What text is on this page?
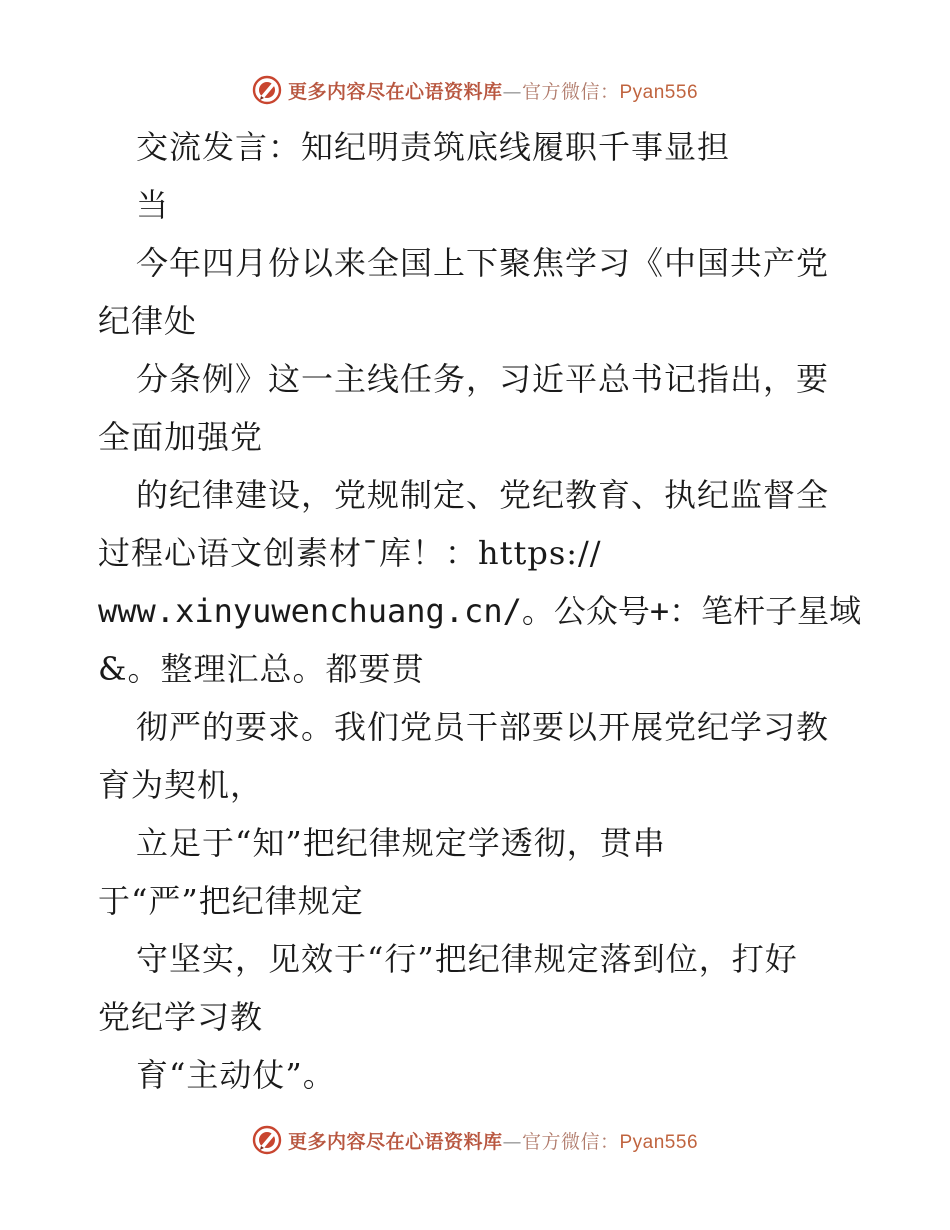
更多内容尽在心语资料库—官方微信：Pyan556
交流发言：知纪明责筑底线履职千事显担
当
今年四月份以来全国上下聚焦学习《中国共产党
纪律处
分条例》这一主线任务，习近平总书记指出，要
全面加强党
的纪律建设，党规制定、党纪教育、执纪监督全
过程心语文创素材¯库！：https://
www.xinyuwenchuang.cn/。公众号+：笔杆子星域
&。整理汇总。都要贯
彻严的要求。我们党员干部要以开展党纪学习教
育为契机，
立足于“知”把纪律规定学透彻，贯串
于“严”把纪律规定
守坚实，见效于“行”把纪律规定落到位，打好
党纪学习教
育“主动仗”。
更多内容尽在心语资料库—官方微信：Pyan556
